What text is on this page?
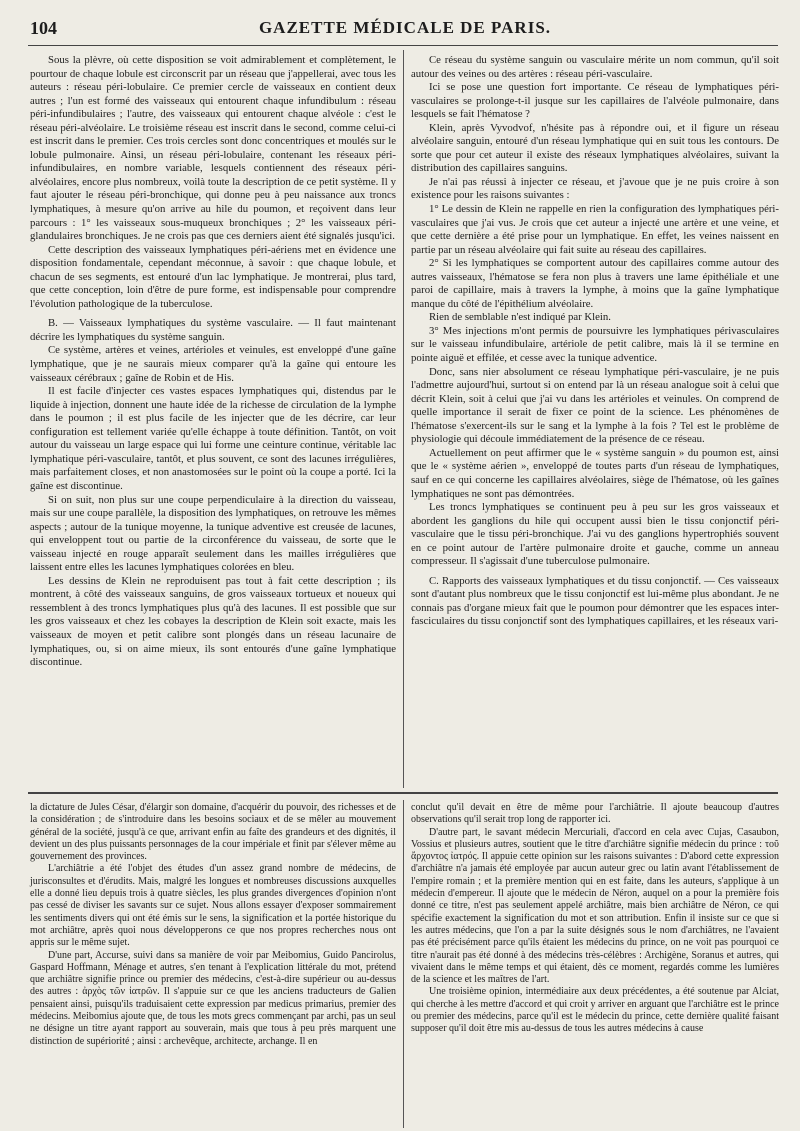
104	GAZETTE MÉDICALE DE PARIS.

Sous la plèvre, où cette disposition se voit admirablement et complètement, le pourtour de chaque lobule est circonscrit par un réseau que j'appellerai, avec tous les auteurs : réseau péri-lobulaire. Ce premier cercle de vaisseaux en contient deux autres ; l'un est formé des vaisseaux qui entourent chaque infundibulum : réseau péri-infundibulaires ; l'autre, des vaisseaux qui entourent chaque alvéole : c'est le réseau péri-alvéolaire. Le troisième réseau est inscrit dans le second, comme celui-ci est inscrit dans le premier. Ces trois cercles sont donc concentriques et moulés sur le lobule pulmonaire. Ainsi, un réseau péri-lobulaire, contenant les réseaux péri-infundibulaires, en nombre variable, lesquels contiennent des réseaux péri-alvéolaires, encore plus nombreux, voilà toute la description de ce petit système. Il y faut ajouter le réseau péri-bronchique, qui donne peu à peu naissance aux troncs lymphatiques, à mesure qu'on arrive au hile du poumon, et reçoivent dans leur parcours : 1° les vaisseaux sous-muqueux bronchiques ; 2° les vaisseaux péri-glandulaires bronchiques. Je ne crois pas que ces derniers aient été signalés jusqu'ici.

Cette description des vaisseaux lymphatiques péri-aériens met en évidence une disposition fondamentale, cependant méconnue, à savoir : que chaque lobule, et chacun de ses segments, est entouré d'un lac lymphatique. Je montrerai, plus tard, que cette conception, loin d'être de pure forme, est indispensable pour comprendre l'évolution pathologique de la tuberculose.

B. — Vaisseaux lymphatiques du système vasculaire. — Il faut maintenant décrire les lymphatiques du système sanguin.

Ce système, artères et veines, artérioles et veinules, est enveloppé d'une gaîne lymphatique, que je ne saurais mieux comparer qu'à la gaîne qui entoure les vaisseaux cérébraux ; gaîne de Robin et de His.

Il est facile d'injecter ces vastes espaces lymphatiques qui, distendus par le liquide à injection, donnent une haute idée de la richesse de circulation de la lymphe dans le poumon ; il est plus facile de les injecter que de les décrire, car leur configuration est tellement variée qu'elle échappe à toute définition. Tantôt, on voit autour du vaisseau un large espace qui lui forme une ceinture continue, véritable lac lymphatique péri-vasculaire, tantôt, et plus souvent, ce sont des lacunes irrégulières, mais parfaitement closes, et non anastomosées sur le point où la coupe a porté. Ici la gaîne est discontinue.

Si on suit, non plus sur une coupe perpendiculaire à la direction du vaisseau, mais sur une coupe parallèle, la disposition des lymphatiques, on retrouve les mêmes aspects ; autour de la tunique moyenne, la tunique adventive est creusée de lacunes, qui enveloppent tout ou partie de la circonférence du vaisseau, de sorte que le vaisseau injecté en rouge apparaît seulement dans les mailles irrégulières que laissent entre elles les lacunes lymphatiques colorées en bleu.

Les dessins de Klein ne reproduisent pas tout à fait cette description ; ils montrent, à côté des vaisseaux sanguins, de gros vaisseaux tortueux et noueux qui ressemblent à des troncs lymphatiques plus qu'à des lacunes. Il est possible que sur les gros vaisseaux et chez les cobayes la description de Klein soit exacte, mais les vaisseaux de moyen et petit calibre sont plongés dans un réseau lacunaire de lymphatiques, ou, si on aime mieux, ils sont entourés d'une gaîne lymphatique discontinue.

Ce réseau du système sanguin ou vasculaire mérite un nom commun, qu'il soit autour des veines ou des artères : réseau péri-vasculaire.

Ici se pose une question fort importante. Ce réseau de lymphatiques péri-vasculaires se prolonge-t-il jusque sur les capillaires de l'alvéole pulmonaire, dans lesquels se fait l'hématose ?

Klein, après Vyvodvof, n'hésite pas à répondre oui, et il figure un réseau alvéolaire sanguin, entouré d'un réseau lymphatique qui en suit tous les contours. De sorte que pour cet auteur il existe des réseaux lymphatiques alvéolaires, suivant la distribution des capillaires sanguins.

Je n'ai pas réussi à injecter ce réseau, et j'avoue que je ne puis croire à son existence pour les raisons suivantes :

1° Le dessin de Klein ne rappelle en rien la configuration des lymphatiques péri-vasculaires que j'ai vus. Je crois que cet auteur a injecté une artère et une veine, et que cette dernière a été prise pour un lymphatique. En effet, les veines naissent en partie par un réseau alvéolaire qui fait suite au réseau des capillaires.

2° Si les lymphatiques se comportent autour des capillaires comme autour des autres vaisseaux, l'hématose se fera non plus à travers une lame épithéliale et une paroi de capillaire, mais à travers la lymphe, à moins que la gaîne lymphatique manque du côté de l'épithélium alvéolaire.

Rien de semblable n'est indiqué par Klein.

3° Mes injections m'ont permis de poursuivre les lymphatiques périvasculaires sur le vaisseau infundibulaire, artériole de petit calibre, mais là il se termine en pointe aiguë et effilée, et cesse avec la tunique adventice.

Donc, sans nier absolument ce réseau lymphatique péri-vasculaire, je ne puis l'admettre aujourd'hui, surtout si on entend par là un réseau analogue soit à celui que décrit Klein, soit à celui que j'ai vu dans les artérioles et veinules. On comprend de quelle importance il serait de fixer ce point de la science. Les phénomènes de l'hématose s'exercent-ils sur le sang et la lymphe à la fois ? Tel est le problème de physiologie qui découle immédiatement de la présence de ce réseau.

Actuellement on peut affirmer que le « système sanguin » du poumon est, ainsi que le « système aérien », enveloppé de toutes parts d'un réseau de lymphatiques, sauf en ce qui concerne les capillaires alvéolaires, siège de l'hématose, où les gaînes lymphatiques ne sont pas démontrées.

Les troncs lymphatiques se continuent peu à peu sur les gros vaisseaux et abordent les ganglions du hile qui occupent aussi bien le tissu conjonctif péri-vasculaire que le tissu péri-bronchique. J'ai vu des ganglions hypertrophiés souvent en ce point autour de l'artère pulmonaire droite et gauche, comme un anneau compresseur. Il s'agissait d'une tuberculose pulmonaire.

C. Rapports des vaisseaux lymphatiques et du tissu conjonctif. — Ces vaisseaux sont d'autant plus nombreux que le tissu conjonctif est lui-même plus abondant. Je ne connais pas d'organe mieux fait que le poumon pour démontrer que les espaces inter-fasciculaires du tissu conjonctif sont des lymphatiques capillaires, et les réseaux vari-

la dictature de Jules César, d'élargir son domaine, d'acquérir du pouvoir, des richesses et de la considération ; de s'introduire dans les besoins sociaux et de se mêler au mouvement général de la société, jusqu'à ce que, arrivant enfin au faîte des grandeurs et des dignités, il devient un des plus puissants personnages de la cour impériale et finit par s'élever même au gouvernement des provinces.

L'archiâtrie a été l'objet des études d'un assez grand nombre de médecins, de jurisconsultes et d'érudits. Mais, malgré les longues et nombreuses discussions auxquelles elle a donné lieu depuis trois à quatre siècles, les plus grandes divergences d'opinion n'ont pas cessé de diviser les savants sur ce sujet. Nous allons essayer d'exposer sommairement les sentiments divers qui ont été émis sur le sens, la signification et la portée historique du mot archiâtre, après quoi nous développerons ce que nos propres recherches nous ont appris sur le même sujet.

D'une part, Accurse, suivi dans sa manière de voir par Meibomius, Guido Pancirolus, Gaspard Hoffmann, Ménage et autres, s'en tenant à l'explication littérale du mot, prétend que archiâtre signifie prince ou premier des médecins, c'est-à-dire supérieur ou au-dessus des autres : ἀρχὸς τῶν ἰατρῶν. Il s'appuie sur ce que les anciens traducteurs de Galien pensaient ainsi, puisqu'ils traduisaient cette expression par medicus primarius, premier des médecins. Meibomius ajoute que, de tous les mots grecs commençant par archi, pas un seul ne désigne un titre ayant rapport au souverain, mais que tous à peu près marquent une distinction de supériorité ; ainsi : archevêque, architecte, archange. Il en

conclut qu'il devait en être de même pour l'archiâtrie. Il ajoute beaucoup d'autres observations qu'il serait trop long de rapporter ici.

D'autre part, le savant médecin Mercuriali, d'accord en cela avec Cujas, Casaubon, Vossius et plusieurs autres, soutient que le titre d'archiâtre signifie médecin du prince : τοῦ ἄρχοντος ἰατρός. Il appuie cette opinion sur les raisons suivantes : D'abord cette expression d'archiâtre n'a jamais été employée par aucun auteur grec ou latin avant l'établissement de l'empire romain ; et la première mention qui en est faite, dans les auteurs, s'applique à un médecin d'empereur. Il ajoute que le médecin de Néron, auquel on a pour la première fois donné ce titre, n'est pas seulement appelé archiâtre, mais bien archiâtre de Néron, ce qui spécifie exactement la signification du mot et son attribution. Enfin il insiste sur ce que si les autres médecins, que l'on a par la suite désignés sous le nom d'archiâtres, ne l'avaient pas été précisément parce qu'ils étaient les médecins du prince, on ne voit pas pourquoi ce titre n'aurait pas été donné à des médecins très-célèbres : Archigène, Soranus et autres, qui vivaient dans le même temps et qui étaient, dès ce moment, regardés comme les lumières de la science et les maîtres de l'art.

Une troisième opinion, intermédiaire aux deux précédentes, a été soutenue par Alciat, qui cherche à les mettre d'accord et qui croit y arriver en arguant que l'archiâtre est le prince ou premier des médecins, parce qu'il est le médecin du prince, cette dernière qualité faisant supposer qu'il doit être mis au-dessus de tous les autres médecins à cause
